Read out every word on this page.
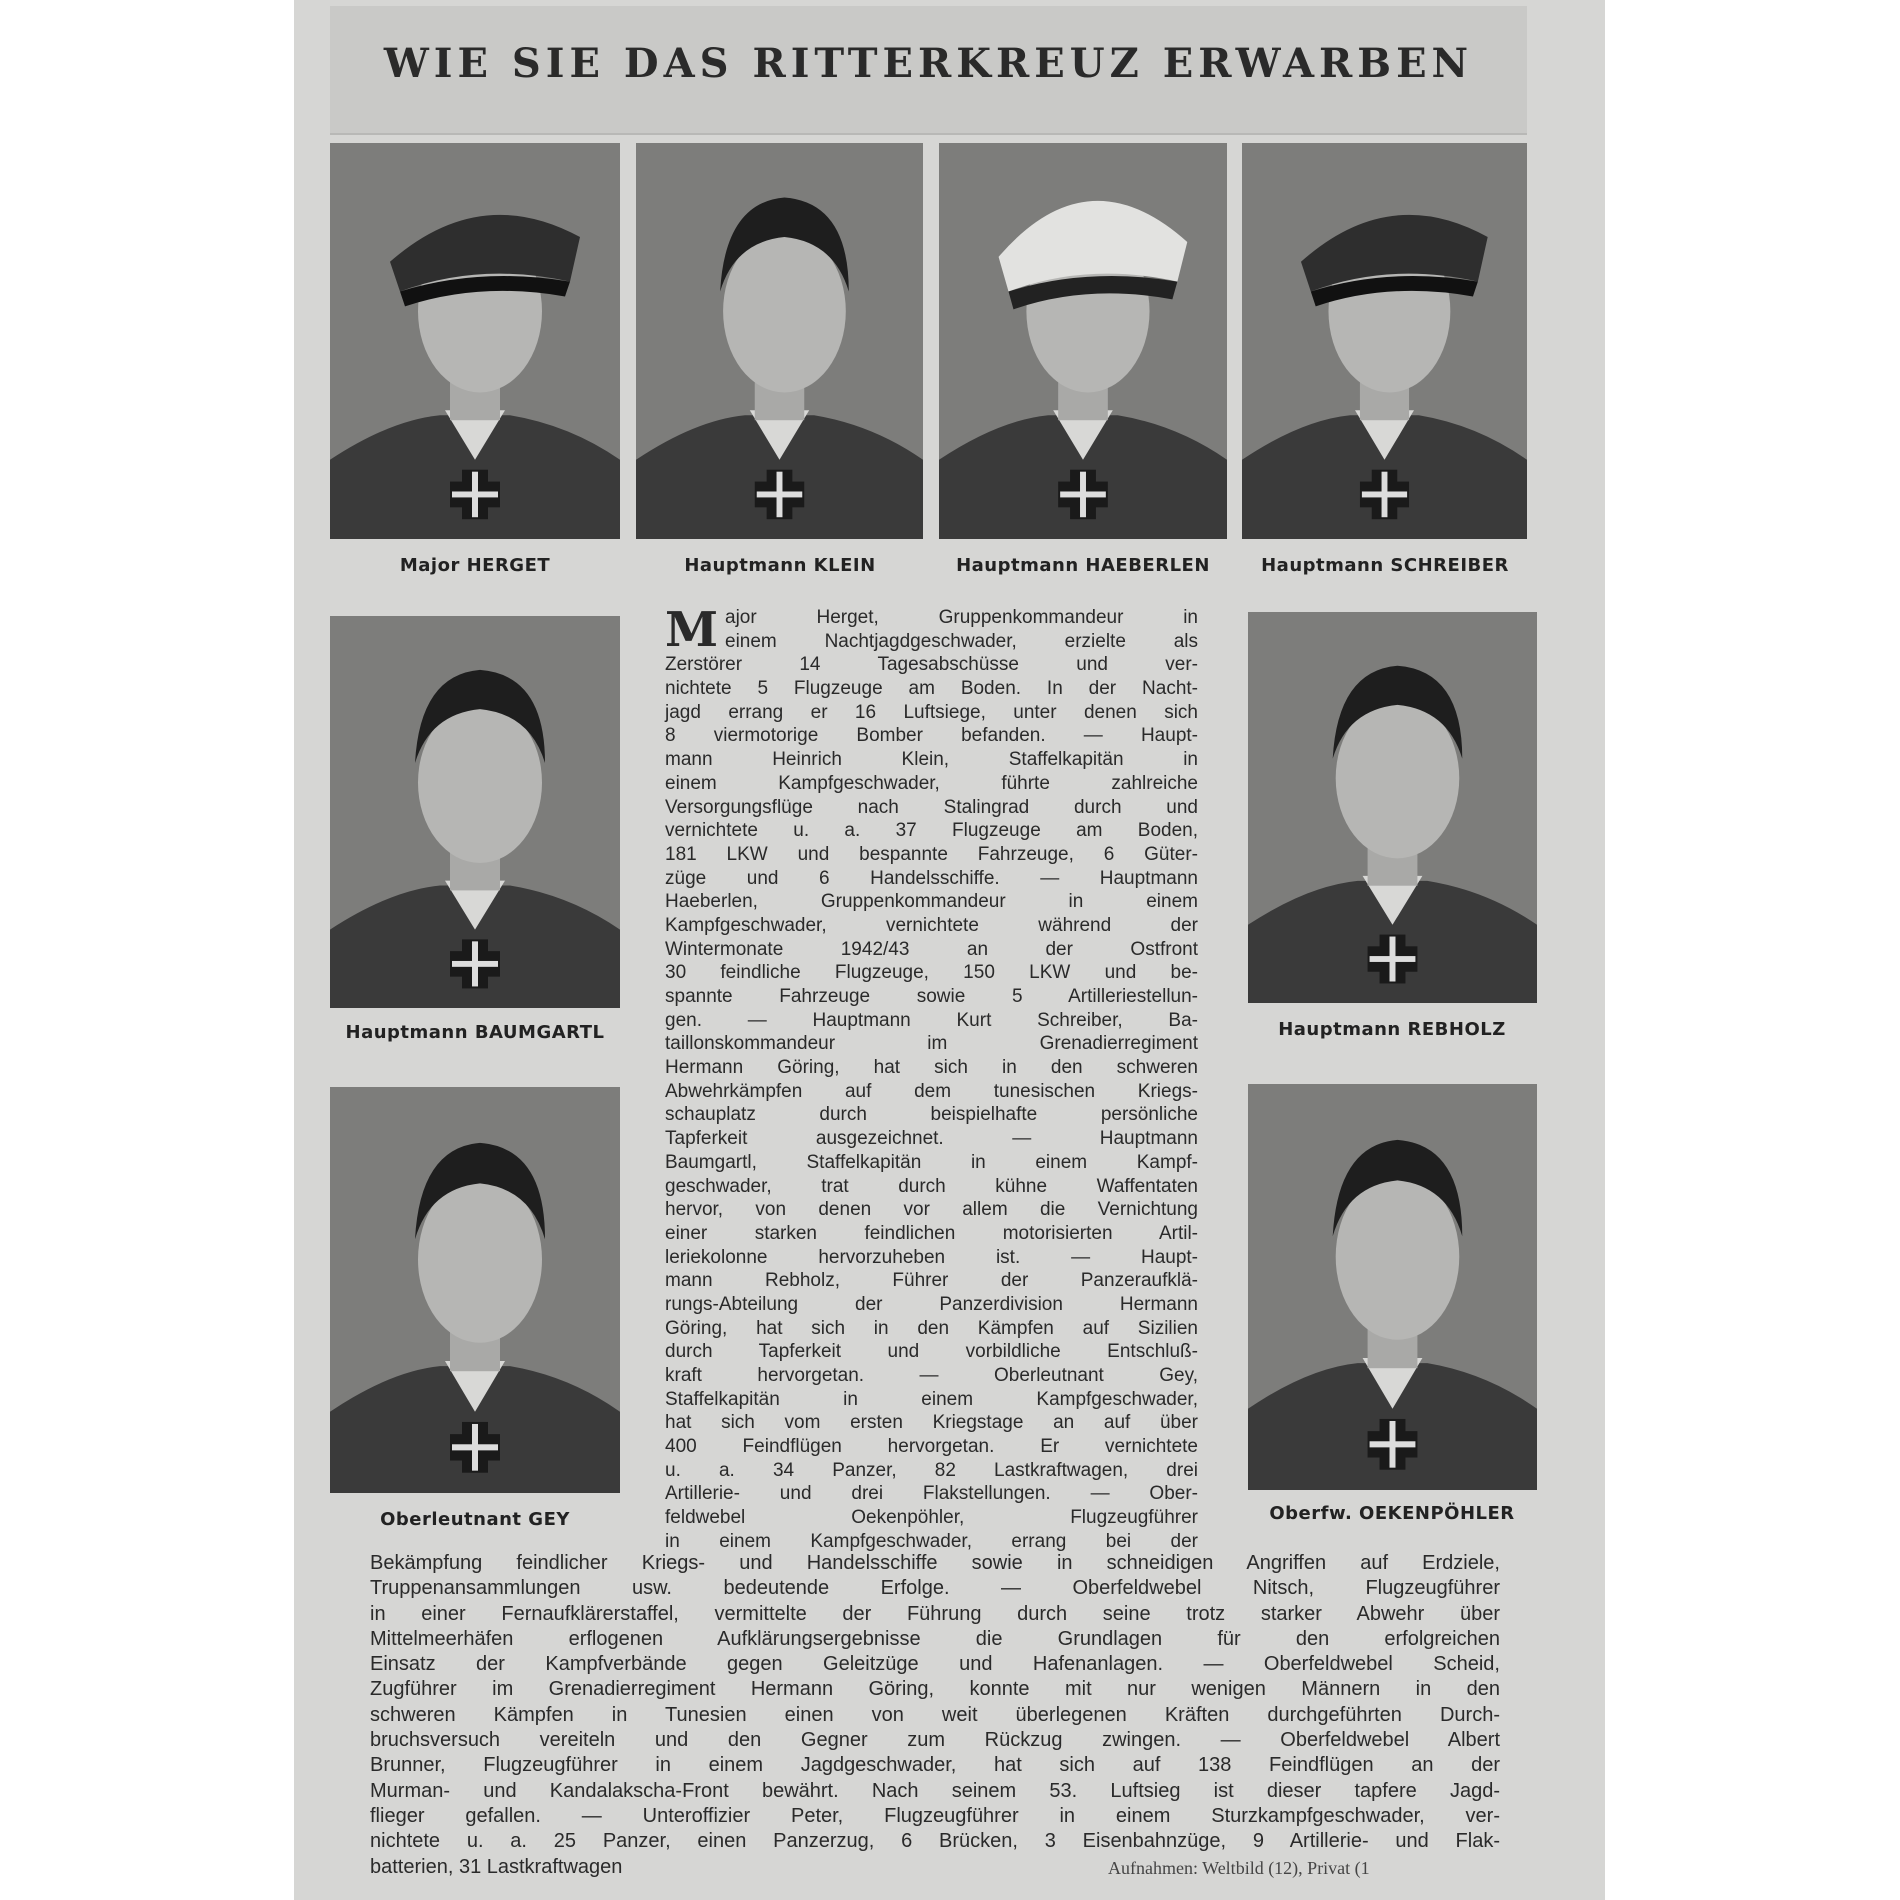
WIE SIE DAS RITTERKREUZ ERWARBEN
Major HERGET	Hauptmann KLEIN	Hauptmann HAEBERLEN	Hauptmann SCHREIBER
Hauptmann BAUMGARTL	Hauptmann REBHOLZ
Oberleutnant GEY	Oberfw. OEKENPÖHLER
M ajor Herget, Gruppenkommandeur in
einem Nachtjagdgeschwader, erzielte als
Zerstörer 14 Tagesabschüsse und ver-
nichtete 5 Flugzeuge am Boden. In der Nacht-
jagd errang er 16 Luftsiege, unter denen sich
8 viermotorige Bomber befanden. — Haupt-
mann Heinrich Klein, Staffelkapitän in
einem Kampfgeschwader, führte zahlreiche
Versorgungsflüge nach Stalingrad durch und
vernichtete u. a. 37 Flugzeuge am Boden,
181 LKW und bespannte Fahrzeuge, 6 Güter-
züge und 6 Handelsschiffe. — Hauptmann
Haeberlen, Gruppenkommandeur in einem
Kampfgeschwader, vernichtete während der
Wintermonate 1942/43 an der Ostfront
30 feindliche Flugzeuge, 150 LKW und be-
spannte Fahrzeuge sowie 5 Artilleriestellun-
gen. — Hauptmann Kurt Schreiber, Ba-
taillonskommandeur im Grenadierregiment
Hermann Göring, hat sich in den schweren
Abwehrkämpfen auf dem tunesischen Kriegs-
schauplatz durch beispielhafte persönliche
Tapferkeit ausgezeichnet. — Hauptmann
Baumgartl, Staffelkapitän in einem Kampf-
geschwader, trat durch kühne Waffentaten
hervor, von denen vor allem die Vernichtung
einer starken feindlichen motorisierten Artil-
leriekolonne hervorzuheben ist. — Haupt-
mann Rebholz, Führer der Panzeraufklä-
rungs-Abteilung der Panzerdivision Hermann
Göring, hat sich in den Kämpfen auf Sizilien
durch Tapferkeit und vorbildliche Entschluß-
kraft hervorgetan. — Oberleutnant Gey,
Staffelkapitän in einem Kampfgeschwader,
hat sich vom ersten Kriegstage an auf über
400 Feindflügen hervorgetan. Er vernichtete
u. a. 34 Panzer, 82 Lastkraftwagen, drei
Artillerie- und drei Flakstellungen. — Ober-
feldwebel Oekenpöhler, Flugzeugführer
in einem Kampfgeschwader, errang bei der
Bekämpfung feindlicher Kriegs- und Handelsschiffe sowie in schneidigen Angriffen auf Erdziele,
Truppenansammlungen usw. bedeutende Erfolge. — Oberfeldwebel Nitsch, Flugzeugführer
in einer Fernaufklärerstaffel, vermittelte der Führung durch seine trotz starker Abwehr über
Mittelmeerhäfen erflogenen Aufklärungsergebnisse die Grundlagen für den erfolgreichen
Einsatz der Kampfverbände gegen Geleitzüge und Hafenanlagen. — Oberfeldwebel Scheid,
Zugführer im Grenadierregiment Hermann Göring, konnte mit nur wenigen Männern in den
schweren Kämpfen in Tunesien einen von weit überlegenen Kräften durchgeführten Durch-
bruchsversuch vereiteln und den Gegner zum Rückzug zwingen. — Oberfeldwebel Albert
Brunner, Flugzeugführer in einem Jagdgeschwader, hat sich auf 138 Feindflügen an der
Murman- und Kandalakscha-Front bewährt. Nach seinem 53. Luftsieg ist dieser tapfere Jagd-
flieger gefallen. — Unteroffizier Peter, Flugzeugführer in einem Sturzkampfgeschwader, ver-
nichtete u. a. 25 Panzer, einen Panzerzug, 6 Brücken, 3 Eisenbahnzüge, 9 Artillerie- und Flak-
batterien, 31 Lastkraftwagen	Aufnahmen: Weltbild (12), Privat (1
